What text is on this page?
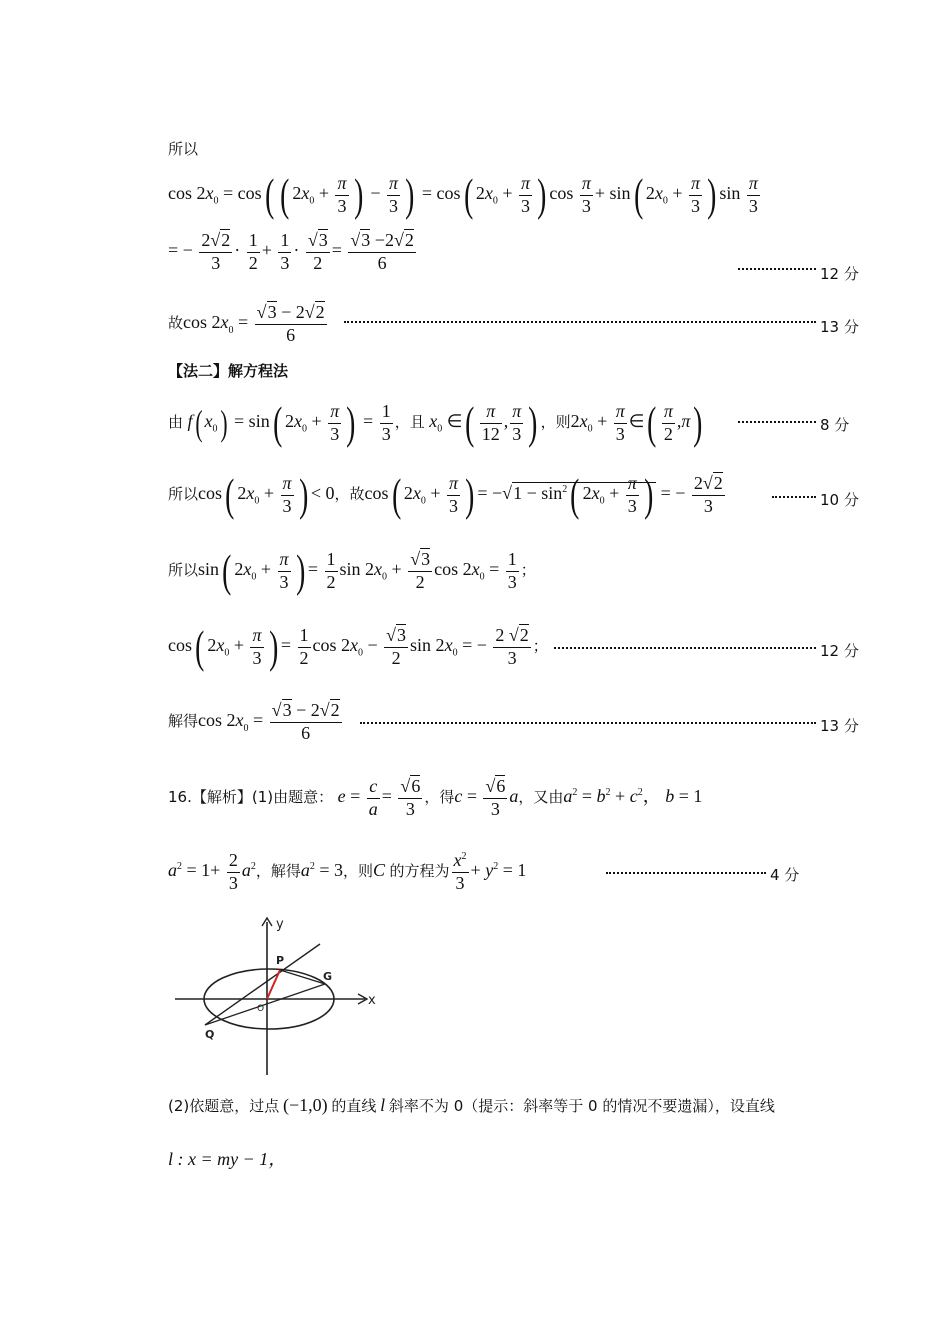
所以
$\cos 2x_0 = \cos$( ( $2x_0 + \frac{\pi}{3}$ ) − $\frac{\pi}{3}$ ) = cos( $2x_0 + \frac{\pi}{3}$ ) $\cos \frac{\pi}{3} + \sin$( $2x_0 + \frac{\pi}{3}$ ) $\sin \frac{\pi}{3}$
= − $\frac{2√2}{3} \cdot \frac{1}{2} + \frac{1}{3} \cdot \frac{√3}{2} = \frac{√3 -2√2}{6}$	12 分
故$\cos 2x_0 = \frac{√3 - 2√2}{6}$	13 分
【法二】解方程法
由 f( $x_0) = \sin$( $2x_0 + \frac{\pi}{3}$ ) = $\frac{1}{3}$ ，且 $x_0$ ∈( $\frac{\pi}{12}$ , $\frac{\pi}{3}$ ) ，则$2x_0 + \frac{\pi}{3}$ ∈( $\frac{\pi}{2} ,\pi$)	8 分
所以cos( $2x_0 + \frac{\pi}{3}$ ) < 0，故cos( $2x_0 + \frac{\pi}{3}$ ) = $-√1 - \sin^2$( $2x_0 + \frac{\pi}{3}$ ) = − $\frac{2√2}{3}$	10 分
所以sin( $2x_0 + \frac{\pi}{3}$ ) = $\frac{1}{2}$ $\sin 2x_0 + \frac{√3}{2}$ $\cos 2x_0 = \frac{1}{3}$ ；
cos( $2x_0 + \frac{\pi}{3}$ ) = $\frac{1}{2}$ $\cos 2x_0 - \frac{√3}{2}$ $\sin 2x_0$ = − $\frac{2 √2}{3}$ ；	12 分
解得$\cos 2x_0 = \frac{√3 - 2√2}{6}$	13 分
16.【解析】(1)由题意： $e = \frac{c}{a} = \frac{√6}{3}$ ，得$c = \frac{√6}{3}$ a，又由$a^2 = b^2 + c^2$， b = 1
$a^2 = 1+ \frac{2}{3} a^2$，解得$a^2 = 3$，则C 的方程为 $\frac{x^2}{3} + y^2 = 1$	4 分
y
x
P
G
Q
O
(2)依题意，过点 (−1,0) 的直线 l 斜率不为 0（提示：斜率等于 0 的情况不要遗漏），设直线
l : x = my − 1，
